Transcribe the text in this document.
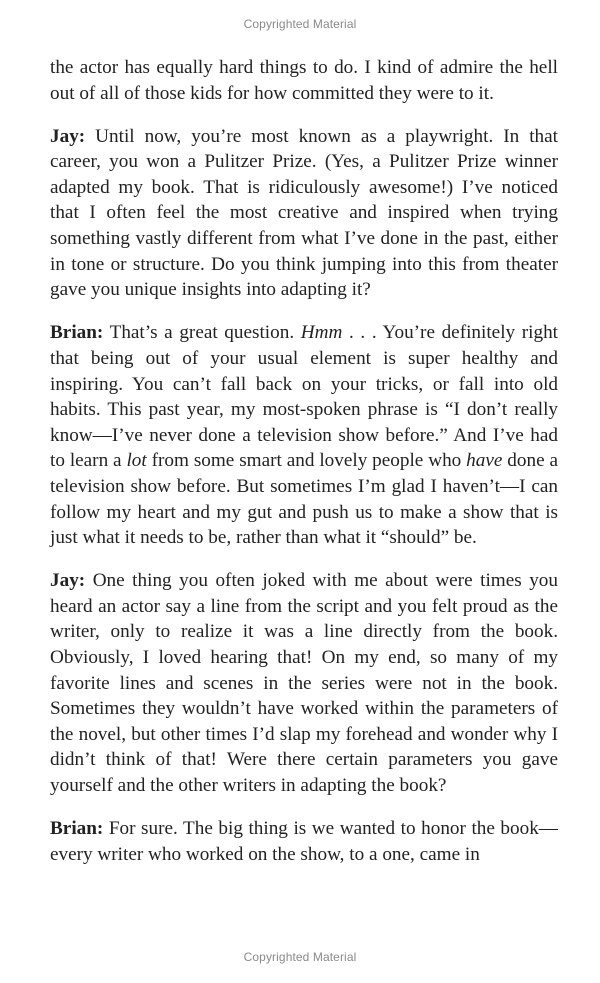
Copyrighted Material

the actor has equally hard things to do. I kind of admire the hell out of all of those kids for how committed they were to it.

Jay: Until now, you’re most known as a playwright. In that career, you won a Pulitzer Prize. (Yes, a Pulitzer Prize winner adapted my book. That is ridiculously awesome!) I’ve noticed that I often feel the most creative and inspired when trying something vastly different from what I’ve done in the past, either in tone or structure. Do you think jumping into this from theater gave you unique insights into adapting it?

Brian: That’s a great question. Hmm . . . You’re definitely right that being out of your usual element is super healthy and inspiring. You can’t fall back on your tricks, or fall into old habits. This past year, my most-spoken phrase is “I don’t really know—I’ve never done a television show before.” And I’ve had to learn a lot from some smart and lovely people who have done a television show before. But sometimes I’m glad I haven’t—I can follow my heart and my gut and push us to make a show that is just what it needs to be, rather than what it “should” be.

Jay: One thing you often joked with me about were times you heard an actor say a line from the script and you felt proud as the writer, only to realize it was a line directly from the book. Obviously, I loved hearing that! On my end, so many of my favorite lines and scenes in the series were not in the book. Sometimes they wouldn’t have worked within the parameters of the novel, but other times I’d slap my forehead and wonder why I didn’t think of that! Were there certain parameters you gave yourself and the other writers in adapting the book?

Brian: For sure. The big thing is we wanted to honor the book—every writer who worked on the show, to a one, came in

Copyrighted Material
